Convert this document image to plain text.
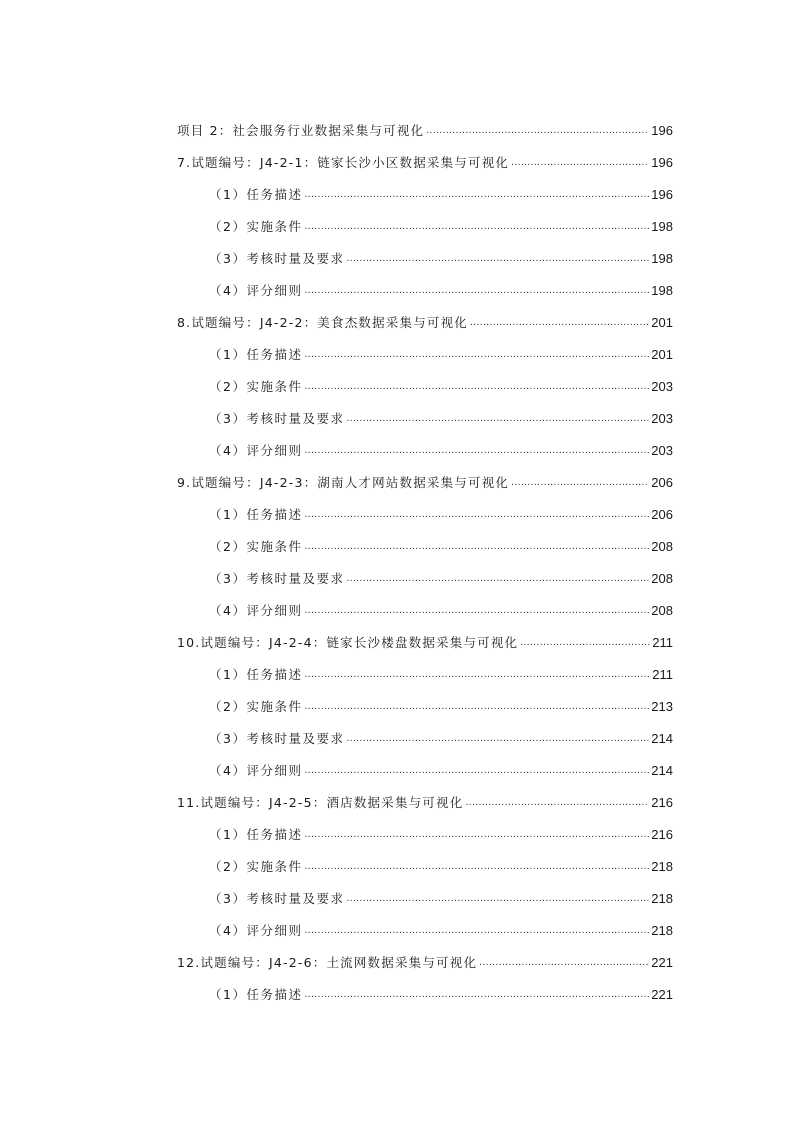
项目 2：社会服务行业数据采集与可视化 .....	196
7.试题编号：J4-2-1：链家长沙小区数据采集与可视化 .....	196
（1）任务描述 .....	196
（2）实施条件 .....	198
（3）考核时量及要求 .....	198
（4）评分细则 .....	198
8.试题编号：J4-2-2：美食杰数据采集与可视化 .....	201
（1）任务描述 .....	201
（2）实施条件 .....	203
（3）考核时量及要求 .....	203
（4）评分细则 .....	203
9.试题编号：J4-2-3：湖南人才网站数据采集与可视化 .....	206
（1）任务描述 .....	206
（2）实施条件 .....	208
（3）考核时量及要求 .....	208
（4）评分细则 .....	208
10.试题编号：J4-2-4：链家长沙楼盘数据采集与可视化 .....	211
（1）任务描述 .....	211
（2）实施条件 .....	213
（3）考核时量及要求 .....	214
（4）评分细则 .....	214
11.试题编号：J4-2-5：酒店数据采集与可视化 .....	216
（1）任务描述 .....	216
（2）实施条件 .....	218
（3）考核时量及要求 .....	218
（4）评分细则 .....	218
12.试题编号：J4-2-6：土流网数据采集与可视化 .....	221
（1）任务描述 .....	221
